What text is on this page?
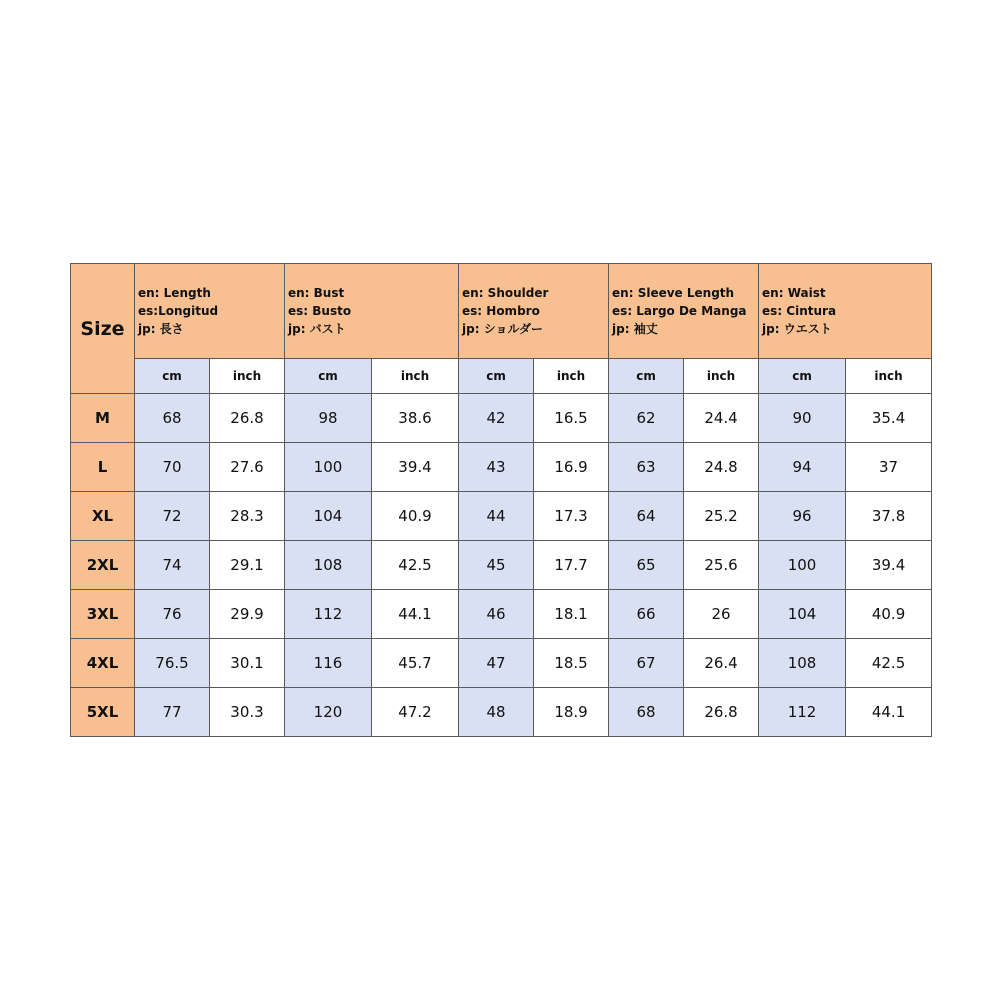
Size	en: Length
es:Longitud
jp: 長さ		en: Bust
es: Busto
jp: バスト		en: Shoulder
es: Hombro
jp: ショルダー		en: Sleeve Length
es: Largo De Manga
jp: 袖丈		en: Waist
es: Cintura
jp: ウエスト	

	cm	inch	cm	inch	cm	inch	cm	inch	cm	inch
M	68	26.8	98	38.6	42	16.5	62	24.4	90	35.4
L	70	27.6	100	39.4	43	16.9	63	24.8	94	37
XL	72	28.3	104	40.9	44	17.3	64	25.2	96	37.8
2XL	74	29.1	108	42.5	45	17.7	65	25.6	100	39.4
3XL	76	29.9	112	44.1	46	18.1	66	26	104	40.9
4XL	76.5	30.1	116	45.7	47	18.5	67	26.4	108	42.5
5XL	77	30.3	120	47.2	48	18.9	68	26.8	112	44.1
